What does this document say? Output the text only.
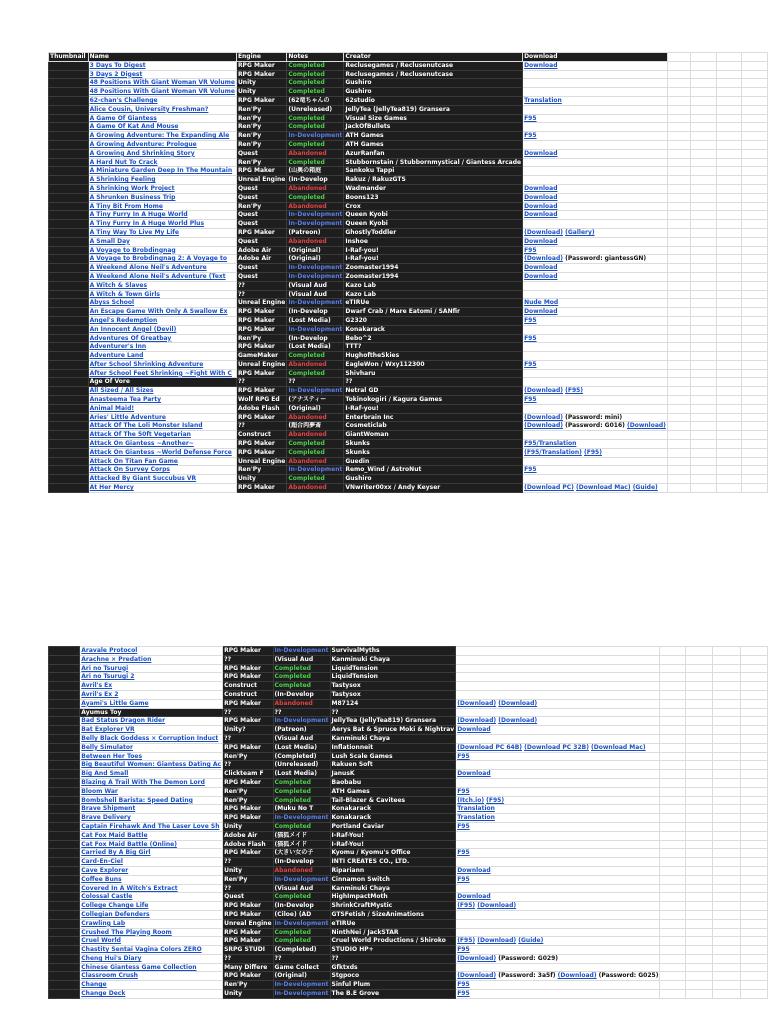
Thumbnail	Name	Engine	Notes	Creator	Download				
	3 Days To Digest	RPG Maker	Completed	Reclusegames / Reclusenutcase	Download				
	3 Days 2 Digest	RPG Maker	Completed	Reclusegames / Reclusenutcase					
	48 Positions With Giant Woman VR Volume	Unity	Completed	Gushiro					
	48 Positions With Giant Woman VR Volume	Unity	Completed	Gushiro					
	62-chan's Challenge	RPG Maker	(62竜ちゃんの	62studio	Translation				
	Alice Cousin, University Freshman?	Ren'Py	(Unreleased)	JellyTea (JellyTea819) Gransera					
	A Game Of Giantess	Ren'Py	Completed	Visual Size Games	F95				
	A Game Of Kat And Mouse	Ren'Py	Completed	JackOfBullets					
	A Growing Adventure: The Expanding Ale	Ren'Py	In-Development	ATH Games	F95				
	A Growing Adventure: Prologue	Ren'Py	Completed	ATH Games					
	A Growing And Shrinking Story	Quest	Abandoned	AzurRanfan	Download				
	A Hard Nut To Crack	Ren'Py	Completed	Stubbornstain / Stubbornmystical / Giantess Arcade					
	A Miniature Garden Deep In The Mountain	RPG Maker	(山奥の箱庭	Sankoku Tappi					
	A Shrinking Feeling	Unreal Engine	(In-Develop	Rakuz / RakuzGTS					
	A Shrinking Work Project	Quest	Abandoned	Wadmander	Download				
	A Shrunken Business Trip	Quest	Completed	Boons123	Download				
	A Tiny Bit From Home	Ren'Py	Abandoned	Crox	Download				
	A Tiny Furry In A Huge World	Quest	In-Development	Queen Kyobi	Download				
	A Tiny Furry In A Huge World Plus	Quest	In-Development	Queen Kyobi					
	A Tiny Way To Live My Life	RPG Maker	(Patreon)	GhostlyToddler	(Download) (Gallery)				
	A Small Day	Quest	Abandoned	Inshoe	Download				
	A Voyage to Brobdingnag	Adobe Air	(Original)	I-Raf-you!	F95				
	A Voyage to Brobdingnag 2: A Voyage to	Adobe Air	(Original)	I-Raf-you!	(Download) (Password: giantessGN)				
	A Weekend Alone Neil's Adventure	Quest	In-Development	Zoomaster1994	Download				
	A Weekend Alone Neil's Adventure (Text	Quest	In-Development	Zoomaster1994	Download				
	A Witch & Slaves	??	(Visual Aud	Kazo Lab					
	A Witch & Town Girls	??	(Visual Aud	Kazo Lab					
	Abyss School	Unreal Engine	In-Development	eTIRUe	Nude Mod				
	An Escape Game With Only A Swallow Ex	RPG Maker	(In-Develop	Dwarf Crab / Mare Eatomi / SANfir	Download				
	Angel's Redemption	RPG Maker	(Lost Media)	G2320	F95				
	An Innocent Angel (Devil)	RPG Maker	In-Development	Konakarack					
	Adventures Of Greatbay	Ren'Py	(In-Develop	Bebo^2	F95				
	Adventurer's Inn	RPG Maker	(Lost Media)	TTT?					
	Adventure Land	GameMaker	Completed	HughoftheSkies					
	After School Shrinking Adventure	Unreal Engine	Abandoned	EagleWon / Wxy112300	F95				
	After School Feet Shrinking ~Fight With C	RPG Maker	Completed	Shivharu					
	Age Of Vore	??	??	??					
	All Sized / All Sizes	RPG Maker	In-Development	Netral GD	(Download) (F95)				
	Anasteema Tea Party	Wolf RPG Ed	(アナスティー	Tokinokogiri / Kagura Games	F95				
	Animal Maid!	Adobe Flash	(Original)	I-Raf-you!					
	Aries' Little Adventure	RPG Maker	Abandoned	Enterbrain Inc	(Download) (Password: mini)				
	Attack Of The Loli Monster Island	??	(超合肉夢斎	Cosmeticlab	(Download) (Password: G016) (Download)				
	Attack Of The 50ft Vegetarian	Construct	Abandoned	GiantWoman					
	Attack On Giantess ~Another~	RPG Maker	Completed	Skunks	F95/Translation				
	Attack On Giantess ~World Defense Force	RPG Maker	Completed	Skunks	(F95/Translation) (F95)				
	Attack On Titan Fan Game	Unreal Engine	Abandoned	Guedin					
	Attack On Survey Corps	Ren'Py	In-Development	Remo_Wind / AstroNut	F95				
	Attacked By Giant Succubus VR	Unity	Completed	Gushiro					
	At Her Mercy	RPG Maker	Abandoned	VNwriter00xx / Andy Keyser	(Download PC) (Download Mac) (Guide)				
	Aravale Protocol	RPG Maker	In-Development	SurvivalMyths					
	Arachne × Predation	??	(Visual Aud	Kanminuki Chaya					
	Ari no Tsurugi	RPG Maker	Completed	LiquidTension					
	Ari no Tsurugi 2	RPG Maker	Completed	LiquidTension					
	Avril's Ex	Construct	Completed	Tastysox					
	Avril's Ex 2	Construct	(In-Develop	Tastysox					
	Ayami's Little Game	RPG Maker	Abandoned	M87124	(Download) (Download)				
	Ayumus Toy	??	??	??					
	Bad Status Dragon Rider	RPG Maker	In-Development	JellyTea (JellyTea819) Gransera	(Download) (Download)				
	Bat Explorer VR	Unity?	(Patreon)	Aerys Bat & Spruce Moki & Nightrav	Download				
	Belly Black Goddess × Corruption Induct	??	(Visual Aud	Kanminuki Chaya					
	Belly Simulator	RPG Maker	(Lost Media)	Inflationneit	(Download PC 64B) (Download PC 32B) (Download Mac)				
	Between Her Toes	Ren'Py	(Completed)	Lush Scale Games	F95				
	Big Beautiful Women: Giantess Dating Ac	??	(Unreleased)	Rakuen Soft					
	Big And Small	Clickteam F	(Lost Media)	JanusK	Download				
	Blazing A Trail With The Demon Lord	RPG Maker	Completed	Baobabu					
	Bloom War	Ren'Py	Completed	ATH Games	F95				
	Bombshell Barista: Speed Dating	Ren'Py	Completed	Tail-Blazer & Cavitees	(Itch.io) (F95)				
	Brave Shipment	RPG Maker	(Muku No T	Konakarack	Translation				
	Brave Delivery	RPG Maker	In-Development	Konakarack	Translation				
	Captain Firehawk And The Laser Love Sh	Unity	Completed	Portland Caviar	F95				
	Cat Fox Maid Battle	Adobe Air	(猫狐メイド	I-Raf-You!					
	Cat Fox Maid Battle (Online)	Adobe Flash	(猫狐メイド	I-Raf-You!					
	Carried By A Big Girl	RPG Maker	(大きい女の子	Kyomu / Kyomu's Office	F95				
	Card-En-Ciel	??	(In-Develop	INTI CREATES CO., LTD.					
	Cave Explorer	Unity	Abandoned	Ripariann	Download				
	Coffee Buns	Ren'Py	In-Development	Cinnamon Switch	F95				
	Covered In A Witch's Extract	??	(Visual Aud	Kanminuki Chaya					
	Colossal Castle	Quest	Completed	HighImpactMoth	Download				
	College Change Life	RPG Maker	(In-Develop	ShrinkCraftMystic	(F95) (Download)				
	Collegian Defenders	RPG Maker	(Ciloe) (AD	GTSFetish / SizeAnimations					
	Crawling Lab	Unreal Engine	In-Development	eTIRUe					
	Crushed The Playing Room	RPG Maker	Completed	NinthNei / JackSTAR					
	Cruel World	RPG Maker	Completed	Cruel World Productions / Shiroko	(F95) (Download) (Guide)				
	Chastity Sentai Vagina Colors ZERO	SRPG STUDI	(Completed)	STUDIO HP+	F95				
	Cheng Hui's Diary	??	??	??	(Download) (Password: G029)				
	Chinese Giantess Game Collection	Many Differe	Game Collect	Gfktxds					
	Classroom Crush	RPG Maker	(Original)	Stgpoco	(Download) (Password: 3a5f) (Download) (Password: G025)				
	Change	Ren'Py	In-Development	Sinful Plum	F95				
	Change Deck	Unity	In-Development	The B.E Grove	F95				
